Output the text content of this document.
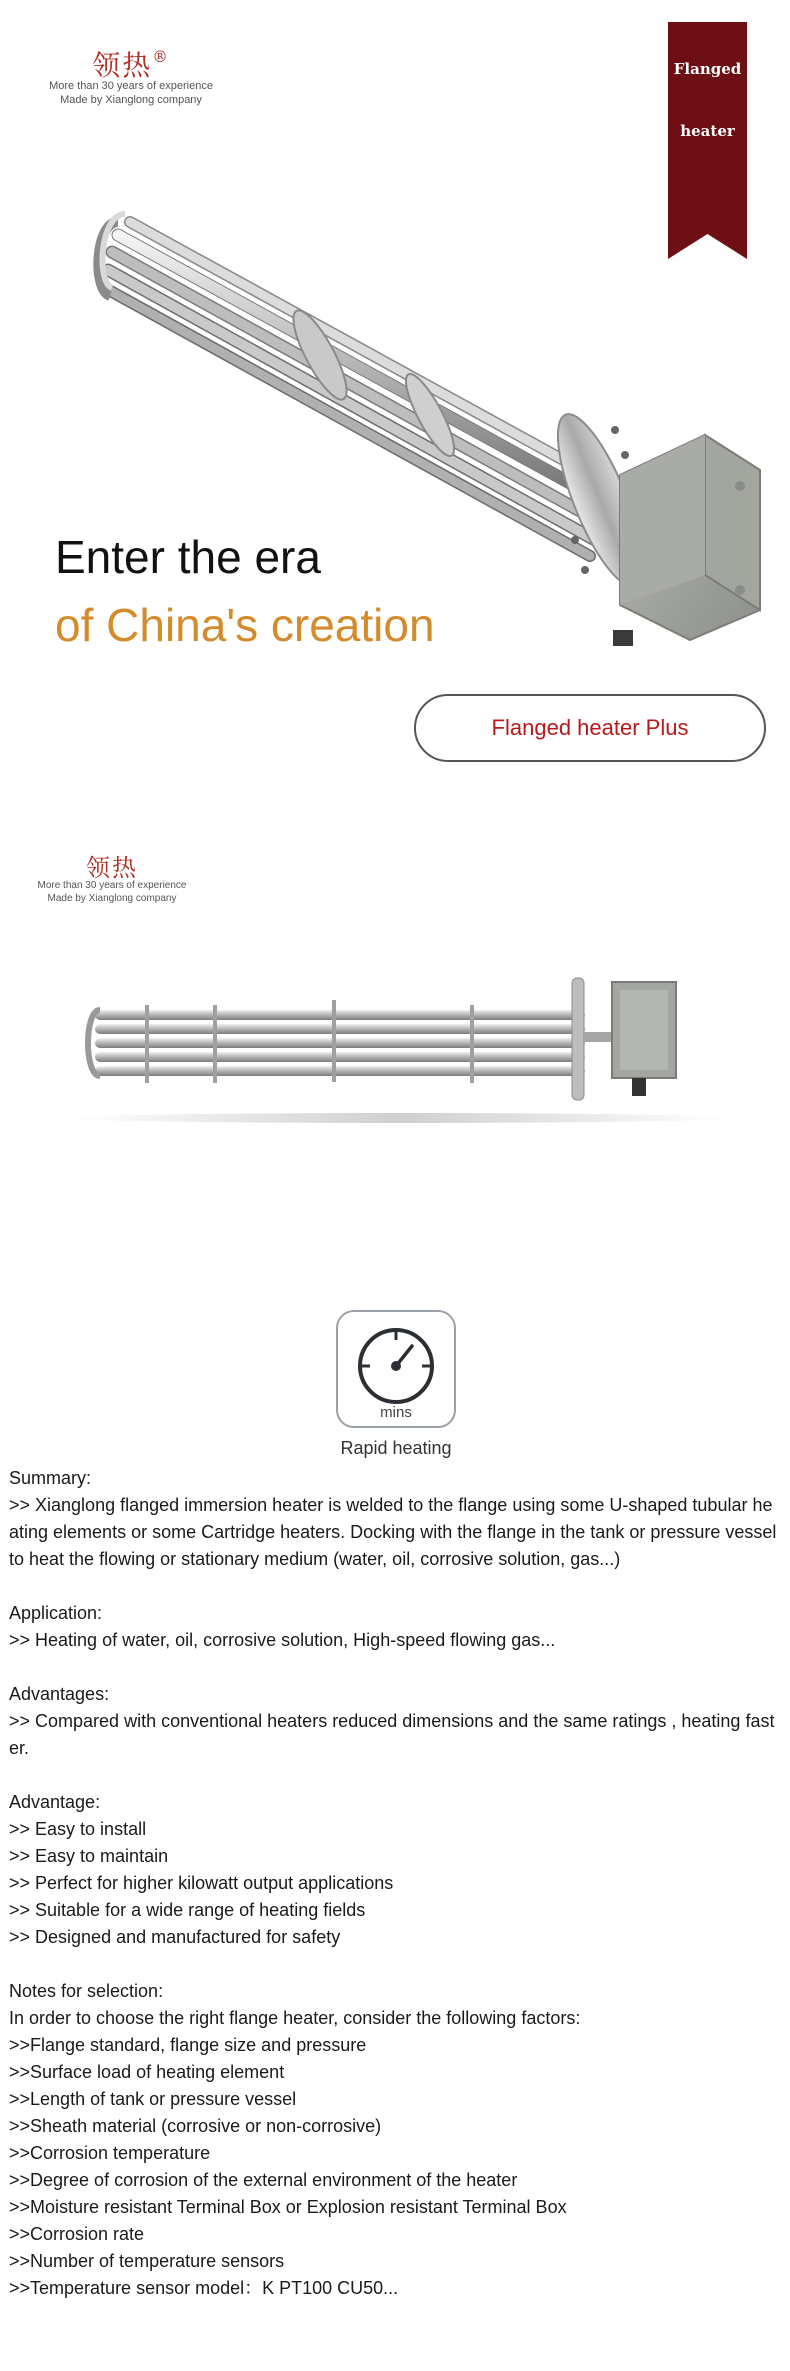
领热®
More than 30 years of experience
Made by Xianglong company
Flanged
heater
Enter the era
of China's creation
Flanged heater Plus
领热
More than 30 years of experience
Made by Xianglong company
mins
Rapid heating

Summary:

>> Xianglong flanged immersion heater is welded to the flange using some U-shaped tubular heating elements or some Cartridge heaters. Docking with the flange in the tank or pressure vessel to heat the flowing or stationary medium (water, oil, corrosive solution, gas...)

Application:

>> Heating of water, oil, corrosive solution, High-speed flowing gas...

Advantages:

>> Compared with conventional heaters reduced dimensions and the same ratings , heating faster.

Advantage:

>> Easy to install

>> Easy to maintain

>> Perfect for higher kilowatt output applications

>> Suitable for a wide range of heating fields

>> Designed and manufactured for safety

Notes for selection:

In order to choose the right flange heater, consider the following factors:

>>Flange standard, flange size and pressure

>>Surface load of heating element

>>Length of tank or pressure vessel

>>Sheath material (corrosive or non-corrosive)

>>Corrosion temperature

>>Degree of corrosion of the external environment of the heater

>>Moisture resistant Terminal Box or Explosion resistant Terminal Box

>>Corrosion rate

>>Number of temperature sensors

>>Temperature sensor model：K PT100 CU50...
